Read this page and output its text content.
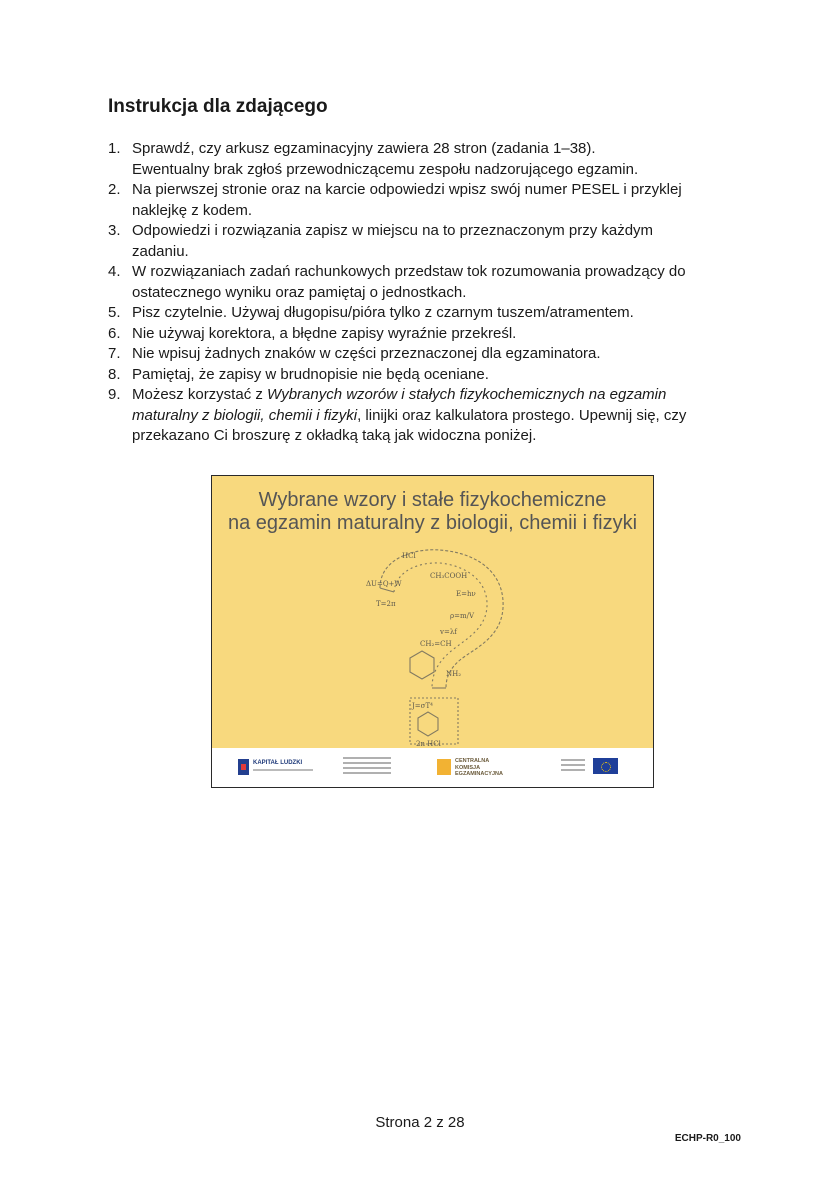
Instrukcja dla zdającego
1. Sprawdź, czy arkusz egzaminacyjny zawiera 28 stron (zadania 1–38).
Ewentualny brak zgłoś przewodniczącemu zespołu nadzorującego egzamin.
2. Na pierwszej stronie oraz na karcie odpowiedzi wpisz swój numer PESEL i przyklej
naklejkę z kodem.
3. Odpowiedzi i rozwiązania zapisz w miejscu na to przeznaczonym przy każdym
zadaniu.
4. W rozwiązaniach zadań rachunkowych przedstaw tok rozumowania prowadzący do
ostatecznego wyniku oraz pamiętaj o jednostkach.
5. Pisz czytelnie. Używaj długopisu/pióra tylko z czarnym tuszem/atramentem.
6. Nie używaj korektora, a błędne zapisy wyraźnie przekreśl.
7. Nie wpisuj żadnych znaków w części przeznaczonej dla egzaminatora.
8. Pamiętaj, że zapisy w brudnopisie nie będą oceniane.
9. Możesz korzystać z Wybranych wzorów i stałych fizykochemicznych na egzamin
maturalny z biologii, chemii i fizyki, linijki oraz kalkulatora prostego. Upewnij się, czy
przekazano Ci broszurę z okładką taką jak widoczna poniżej.
Wybrane wzory i stałe fizykochemiczne
na egzamin maturalny z biologii, chemii i fizyki
HCl
CH₃COOH
ΔU=Q+W
E=hν
T=2π
ρ=m/V
v=λf
CH₂=CH
NH₂
J=σT⁴
2n HCl
KAPITAŁ LUDZKI	CENTRALNA
KOMISJA
EGZAMINACYJNA
Strona 2 z 28
ECHP-R0_100
